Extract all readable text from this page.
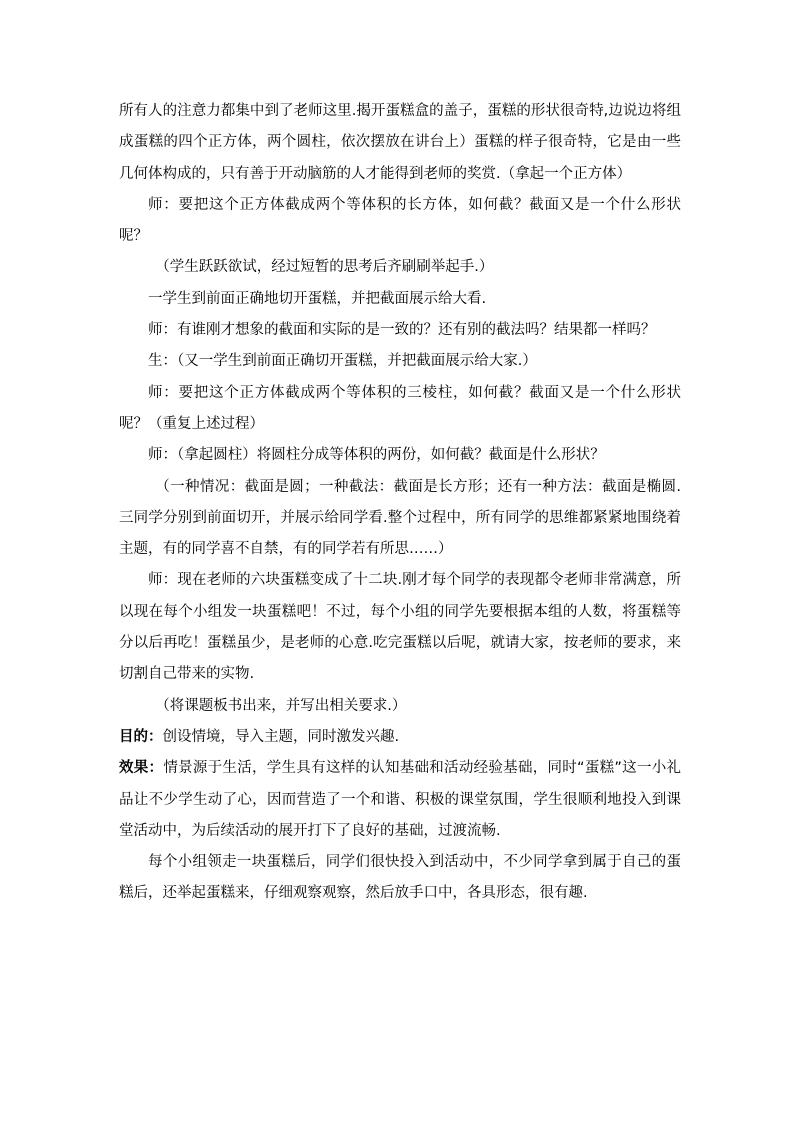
所有人的注意力都集中到了老师这里.揭开蛋糕盒的盖子，蛋糕的形状很奇特,边说边将组成蛋糕的四个正方体，两个圆柱，依次摆放在讲台上）蛋糕的样子很奇特，它是由一些几何体构成的，只有善于开动脑筋的人才能得到老师的奖赏.（拿起一个正方体）

师：要把这个正方体截成两个等体积的长方体，如何截？截面又是一个什么形状呢？

（学生跃跃欲试，经过短暂的思考后齐刷刷举起手.）

一学生到前面正确地切开蛋糕，并把截面展示给大看.

师：有谁刚才想象的截面和实际的是一致的？还有别的截法吗？结果都一样吗？

生：（又一学生到前面正确切开蛋糕，并把截面展示给大家.）

师：要把这个正方体截成两个等体积的三棱柱，如何截？截面又是一个什么形状呢？（重复上述过程）

师：（拿起圆柱）将圆柱分成等体积的两份，如何截？截面是什么形状？

（一种情况：截面是圆；一种截法：截面是长方形；还有一种方法：截面是椭圆.三同学分别到前面切开，并展示给同学看.整个过程中，所有同学的思维都紧紧地围绕着主题，有的同学喜不自禁，有的同学若有所思……）

师：现在老师的六块蛋糕变成了十二块.刚才每个同学的表现都令老师非常满意，所以现在每个小组发一块蛋糕吧！不过，每个小组的同学先要根据本组的人数，将蛋糕等分以后再吃！蛋糕虽少，是老师的心意.吃完蛋糕以后呢，就请大家，按老师的要求，来切割自己带来的实物.

（将课题板书出来，并写出相关要求.）

目的：创设情境，导入主题，同时激发兴趣.

效果：情景源于生活，学生具有这样的认知基础和活动经验基础，同时“蛋糕”这一小礼品让不少学生动了心，因而营造了一个和谐、积极的课堂氛围，学生很顺利地投入到课堂活动中，为后续活动的展开打下了良好的基础，过渡流畅.

每个小组领走一块蛋糕后，同学们很快投入到活动中，不少同学拿到属于自己的蛋糕后，还举起蛋糕来，仔细观察观察，然后放手口中，各具形态，很有趣.
